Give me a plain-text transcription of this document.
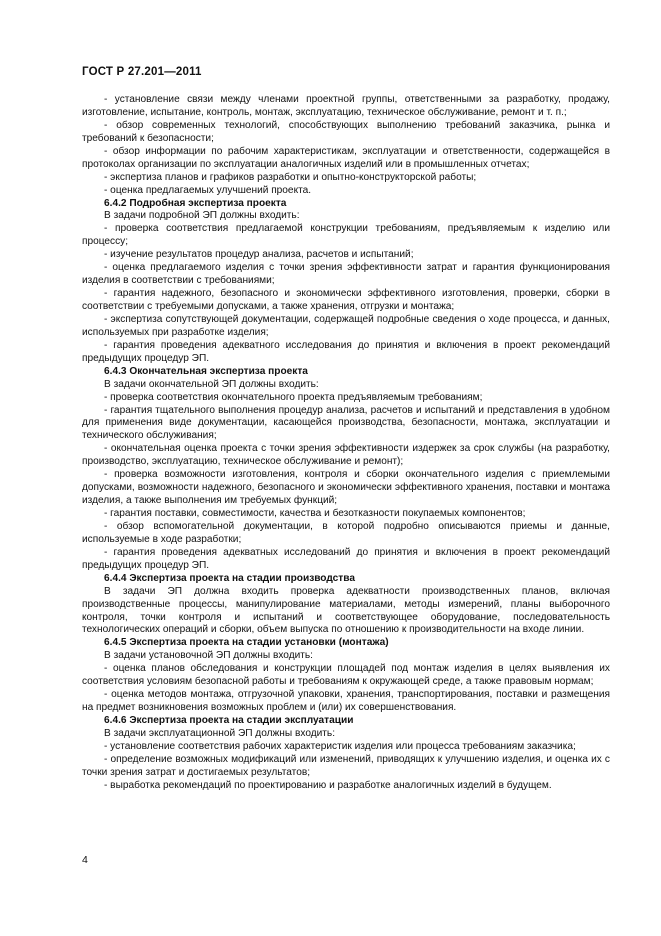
ГОСТ Р 27.201—2011

- установление связи между членами проектной группы, ответственными за разработку, продажу, изготовление, испытание, контроль, монтаж, эксплуатацию, техническое обслуживание, ремонт и т. п.;

- обзор современных технологий, способствующих выполнению требований заказчика, рынка и требований к безопасности;

- обзор информации по рабочим характеристикам, эксплуатации и ответственности, содержащейся в протоколах организации по эксплуатации аналогичных изделий или в промышленных отчетах;

- экспертиза планов и графиков разработки и опытно-конструкторской работы;

- оценка предлагаемых улучшений проекта.

6.4.2 Подробная экспертиза проекта

В задачи подробной ЭП должны входить:

- проверка соответствия предлагаемой конструкции требованиям, предъявляемым к изделию или процессу;

- изучение результатов процедур анализа, расчетов и испытаний;

- оценка предлагаемого изделия с точки зрения эффективности затрат и гарантия функционирования изделия в соответствии с требованиями;

- гарантия надежного, безопасного и экономически эффективного изготовления, проверки, сборки в соответствии с требуемыми допусками, а также хранения, отгрузки и монтажа;

- экспертиза сопутствующей документации, содержащей подробные сведения о ходе процесса, и данных, используемых при разработке изделия;

- гарантия проведения адекватного исследования до принятия и включения в проект рекомендаций предыдущих процедур ЭП.

6.4.3 Окончательная экспертиза проекта

В задачи окончательной ЭП должны входить:

- проверка соответствия окончательного проекта предъявляемым требованиям;

- гарантия тщательного выполнения процедур анализа, расчетов и испытаний и представления в удобном для применения виде документации, касающейся производства, безопасности, монтажа, эксплуатации и технического обслуживания;

- окончательная оценка проекта с точки зрения эффективности издержек за срок службы (на разработку, производство, эксплуатацию, техническое обслуживание и ремонт);

- проверка возможности изготовления, контроля и сборки окончательного изделия с приемлемыми допусками, возможности надежного, безопасного и экономически эффективного хранения, поставки и монтажа изделия, а также выполнения им требуемых функций;

- гарантия поставки, совместимости, качества и безотказности покупаемых компонентов;

- обзор вспомогательной документации, в которой подробно описываются приемы и данные, используемые в ходе разработки;

- гарантия проведения адекватных исследований до принятия и включения в проект рекомендаций предыдущих процедур ЭП.

6.4.4 Экспертиза проекта на стадии производства

В задачи ЭП должна входить проверка адекватности производственных планов, включая производственные процессы, манипулирование материалами, методы измерений, планы выборочного контроля, точки контроля и испытаний и соответствующее оборудование, последовательность технологических операций и сборки, объем выпуска по отношению к производительности на входе линии.

6.4.5 Экспертиза проекта на стадии установки (монтажа)

В задачи установочной ЭП должны входить:

- оценка планов обследования и конструкции площадей под монтаж изделия в целях выявления их соответствия условиям безопасной работы и требованиям к окружающей среде, а также правовым нормам;

- оценка методов монтажа, отгрузочной упаковки, хранения, транспортирования, поставки и размещения на предмет возникновения возможных проблем и (или) их совершенствования.

6.4.6 Экспертиза проекта на стадии эксплуатации

В задачи эксплуатационной ЭП должны входить:

- установление соответствия рабочих характеристик изделия или процесса требованиям заказчика;

- определение возможных модификаций или изменений, приводящих к улучшению изделия, и оценка их с точки зрения затрат и достигаемых результатов;

- выработка рекомендаций по проектированию и разработке аналогичных изделий в будущем.

4
